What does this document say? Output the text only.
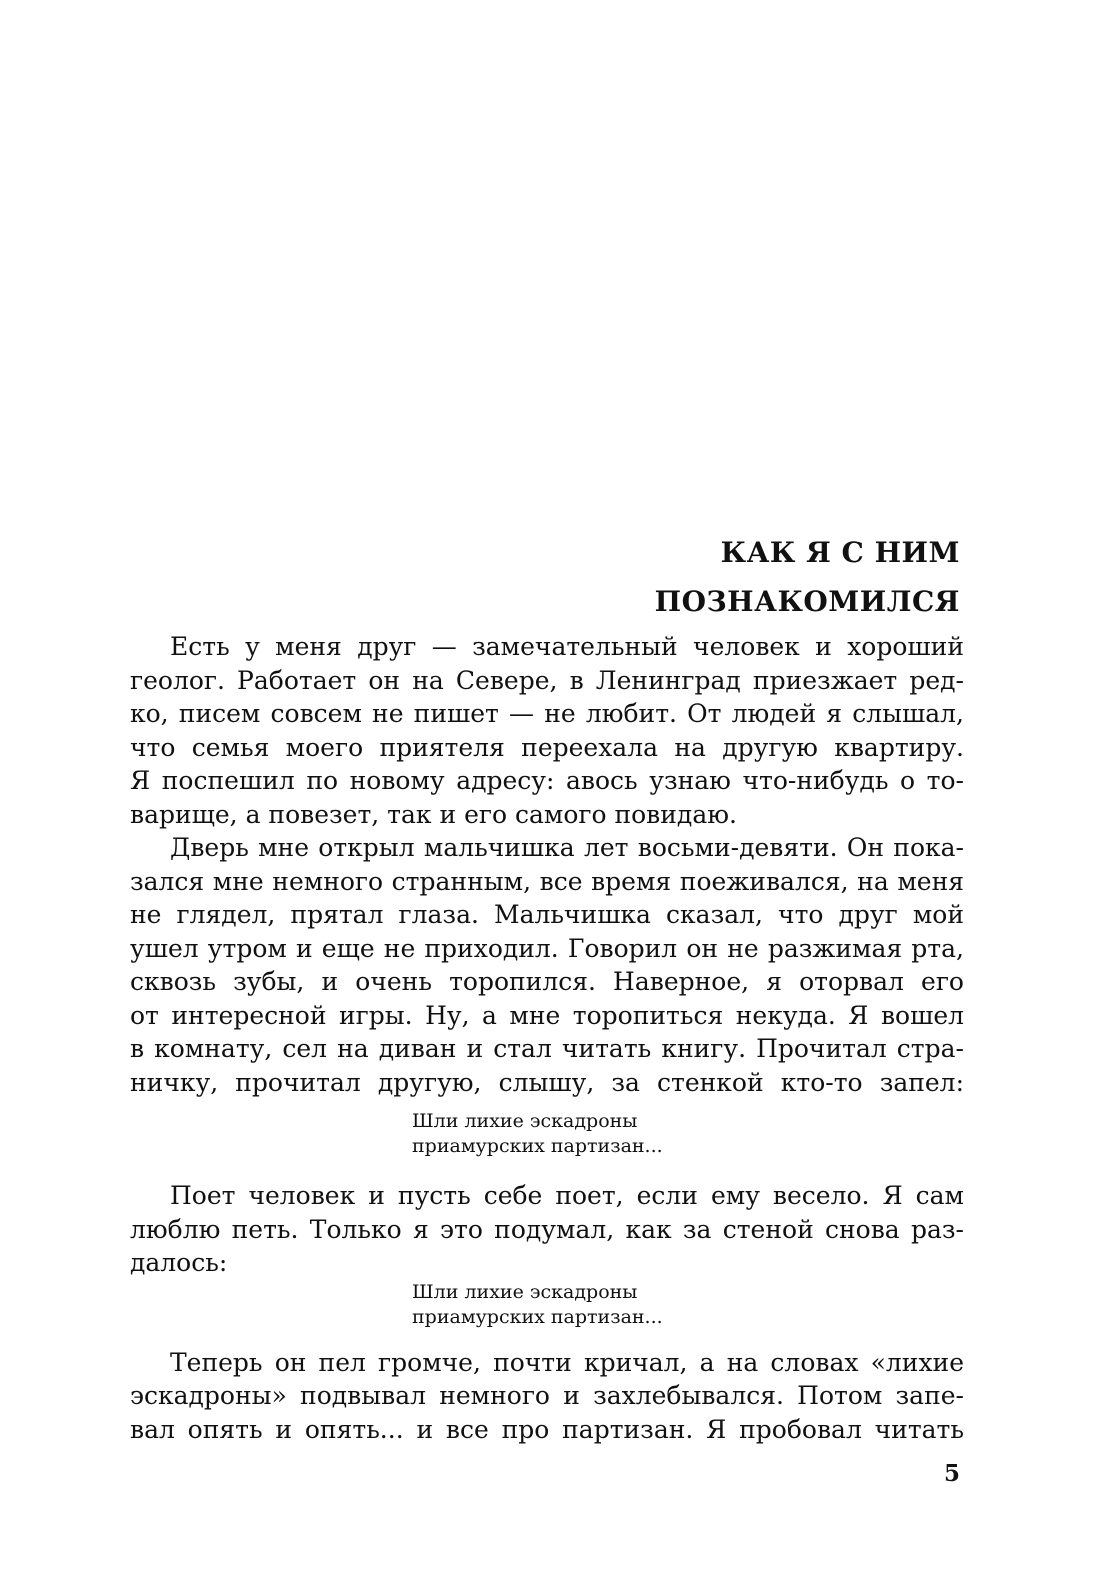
КАК Я С НИМ
ПОЗНАКОМИЛСЯ

Есть у меня друг — замечательный человек и хороший
геолог. Работает он на Севере, в Ленинград приезжает ред-
ко, писем совсем не пишет — не любит. От людей я слышал,
что семья моего приятеля переехала на другую квартиру.
Я поспешил по новому адресу: авось узнаю что-нибудь о то-
варище, а повезет, так и его самого повидаю.

Дверь мне открыл мальчишка лет восьми-девяти. Он пока-
зался мне немного странным, все время поеживался, на меня
не глядел, прятал глаза. Мальчишка сказал, что друг мой
ушел утром и еще не приходил. Говорил он не разжимая рта,
сквозь зубы, и очень торопился. Наверное, я оторвал его
от интересной игры. Ну, а мне торопиться некуда. Я вошел
в комнату, сел на диван и стал читать книгу. Прочитал стра-
ничку, прочитал другую, слышу, за стенкой кто-то запел:

Шли лихие эскадроны
приамурских партизан...

Поет человек и пусть себе поет, если ему весело. Я сам
люблю петь. Только я это подумал, как за стеной снова раз-
далось:

Шли лихие эскадроны
приамурских партизан...

Теперь он пел громче, почти кричал, а на словах «лихие
эскадроны» подвывал немного и захлебывался. Потом запе-
вал опять и опять... и все про партизан. Я пробовал читать

5
